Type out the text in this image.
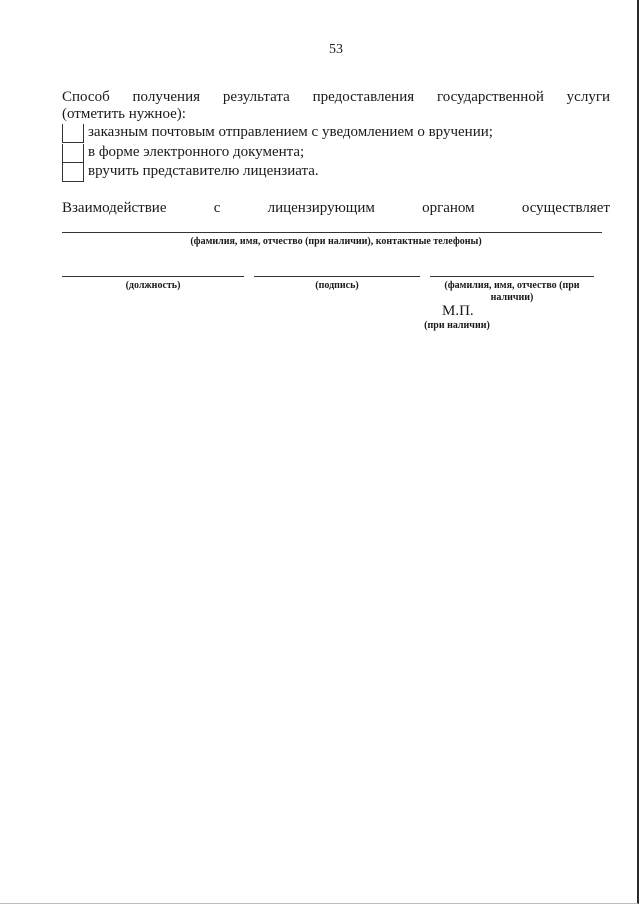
53
Способ получения результата предоставления государственной услуги
(отметить нужное):
заказным почтовым отправлением с уведомлением о вручении;
в форме электронного документа;
вручить представителю лицензиата.
Взаимодействие	с	лицензирующим	органом	осуществляет
(фамилия, имя, отчество (при наличии), контактные телефоны)
(должность)	(подпись)	(фамилия, имя, отчество (при
наличии)
М.П.
(при наличии)
